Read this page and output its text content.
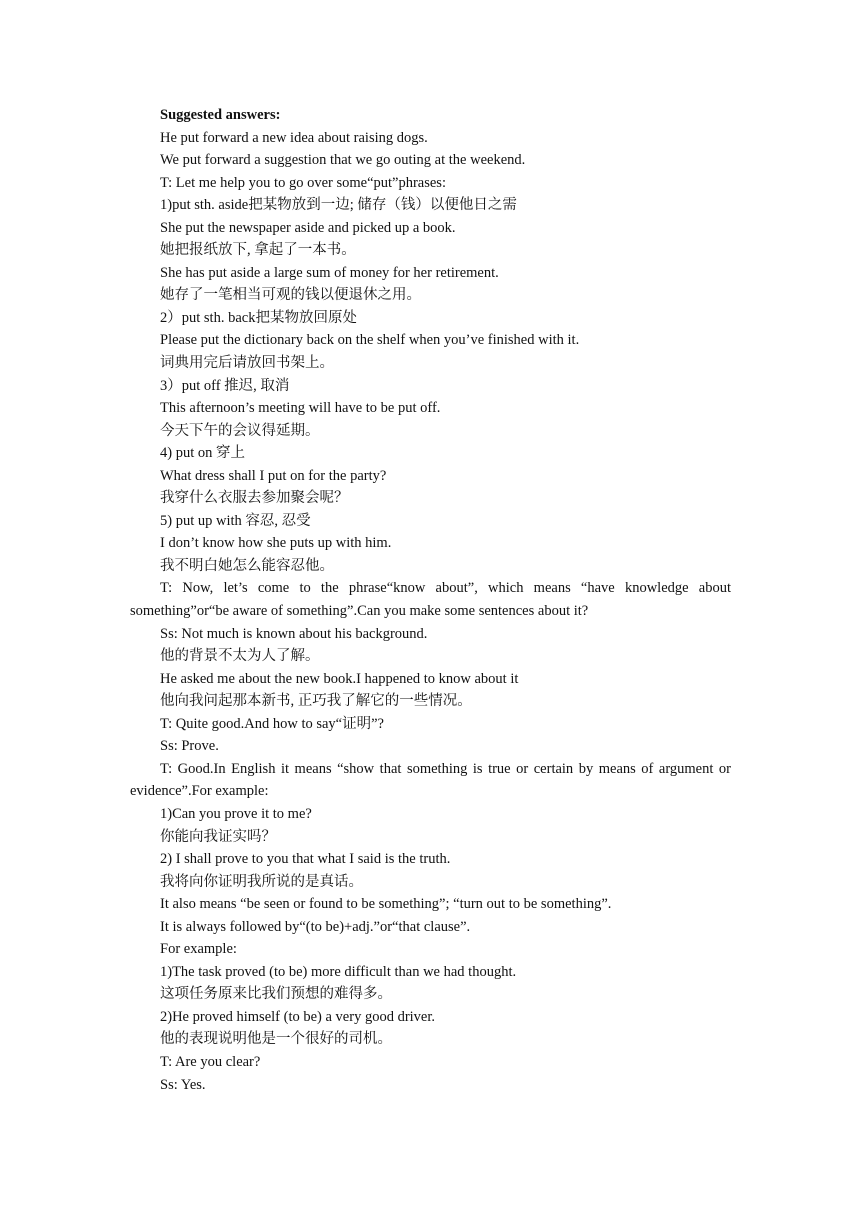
Suggested answers:
He put forward a new idea about raising dogs.
We put forward a suggestion that we go outing at the weekend.
T: Let me help you to go over some“put”phrases:
1)put sth. aside把某物放到一边; 储存（钱）以便他日之需
She put the newspaper aside and picked up a book.
她把报纸放下, 拿起了一本书。
She has put aside a large sum of money for her retirement.
她存了一笔相当可观的钱以便退休之用。
2）put sth. back把某物放回原处
Please put the dictionary back on the shelf when you’ve finished with it.
词典用完后请放回书架上。
3）put off 推迟, 取消
This afternoon’s meeting will have to be put off.
今天下午的会议得延期。
4) put on 穿上
What dress shall I put on for the party?
我穿什么衣服去参加聚会呢？
5) put up with 容忍, 忍受
I don’t know how she puts up with him.
我不明白她怎么能容忍他。

T: Now, let’s come to the phrase“know about”, which means “have knowledge about something”or“be aware of something”.Can you make some sentences about it?

Ss: Not much is known about his background.
他的背景不太为人了解。
He asked me about the new book.I happened to know about it
他向我问起那本新书, 正巧我了解它的一些情况。
T: Quite good.And how to say“证明”?
Ss: Prove.

T: Good.In English it means “show that something is true or certain by means of argument or evidence”.For example:

1)Can you prove it to me?
你能向我证实吗？
2) I shall prove to you that what I said is the truth.
我将向你证明我所说的是真话。
It also means “be seen or found to be something”; “turn out to be something”.
It is always followed by“(to be)+adj.”or“that clause”.
For example:
1)The task proved (to be) more difficult than we had thought.
这项任务原来比我们预想的难得多。
2)He proved himself (to be) a very good driver.
他的表现说明他是一个很好的司机。
T: Are you clear?
Ss: Yes.
